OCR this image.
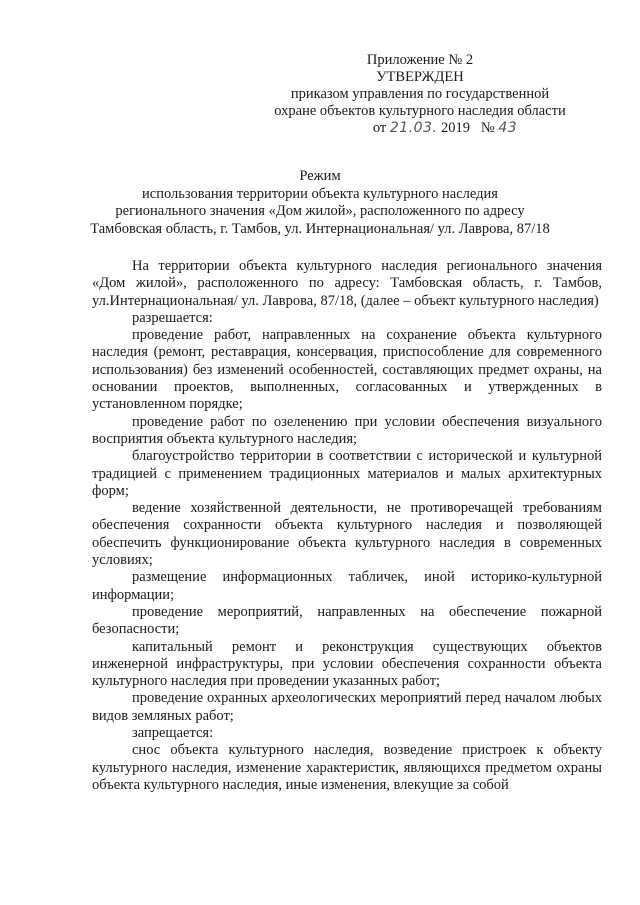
Приложение № 2
УТВЕРЖДЕН
приказом управления по государственной
охране объектов культурного наследия области
от 21.03. 2019 № 43
Режим
использования территории объекта культурного наследия
регионального значения «Дом жилой», расположенного по адресу
Тамбовская область, г. Тамбов, ул. Интернациональная/ ул. Лаврова, 87/18

На территории объекта культурного наследия регионального значения «Дом жилой», расположенного по адресу: Тамбовская область, г. Тамбов, ул.Интернациональная/ ул. Лаврова, 87/18, (далее – объект культурного наследия)

разрешается:

проведение работ, направленных на сохранение объекта культурного наследия (ремонт, реставрация, консервация, приспособление для современного использования) без изменений особенностей, составляющих предмет охраны, на основании проектов, выполненных, согласованных и утвержденных в установленном порядке;

проведение работ по озеленению при условии обеспечения визуального восприятия объекта культурного наследия;

благоустройство территории в соответствии с исторической и культурной традицией с применением традиционных материалов и малых архитектурных форм;

ведение хозяйственной деятельности, не противоречащей требованиям обеспечения сохранности объекта культурного наследия и позволяющей обеспечить функционирование объекта культурного наследия в современных условиях;

размещение информационных табличек, иной историко-культурной информации;

проведение мероприятий, направленных на обеспечение пожарной безопасности;

капитальный ремонт и реконструкция существующих объектов инженерной инфраструктуры, при условии обеспечения сохранности объекта культурного наследия при проведении указанных работ;

проведение охранных археологических мероприятий перед началом любых видов земляных работ;

запрещается:

снос объекта культурного наследия, возведение пристроек к объекту культурного наследия, изменение характеристик, являющихся предметом охраны объекта культурного наследия, иные изменения, влекущие за собой
